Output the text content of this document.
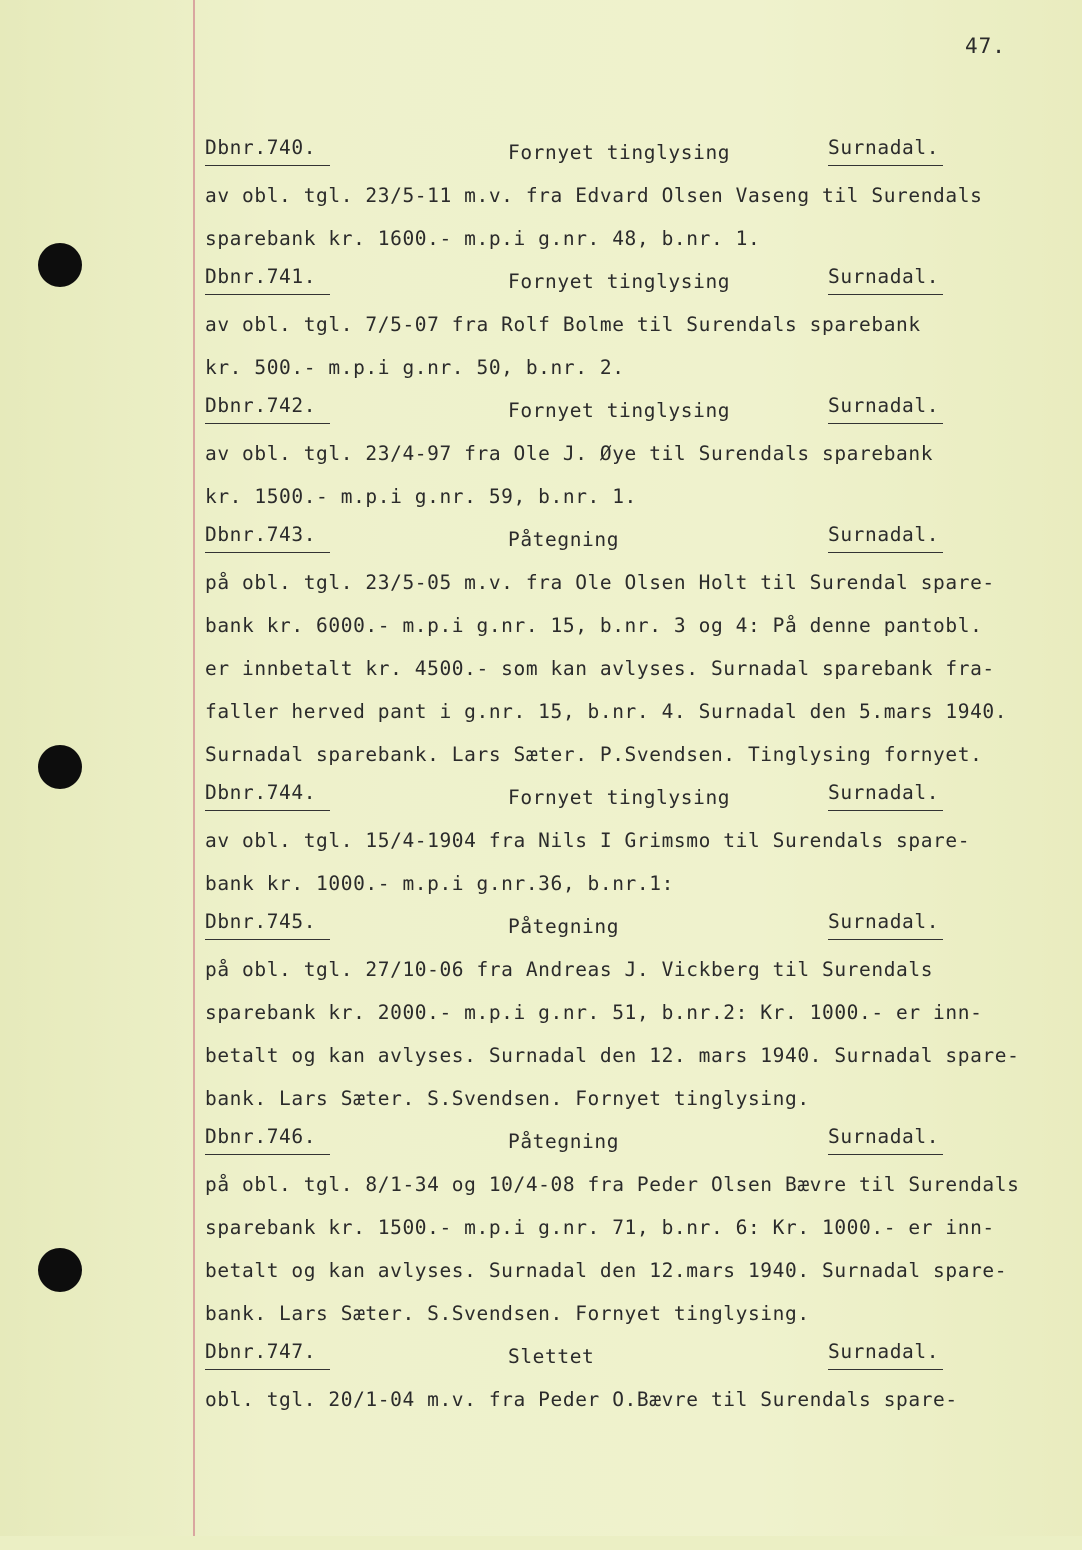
47.

Dbnr.740.

	Fornyet tinglysing

	Surnadal.

av obl. tgl. 23/5-11 m.v. fra Edvard Olsen Vaseng til Surendals
sparebank kr. 1600.- m.p.i g.nr. 48, b.nr. 1.

Dbnr.741.

	Fornyet tinglysing

	Surnadal.

av obl. tgl. 7/5-07 fra Rolf Bolme til Surendals sparebank
kr. 500.- m.p.i g.nr. 50, b.nr. 2.

Dbnr.742.

	Fornyet tinglysing

	Surnadal.

av obl. tgl. 23/4-97 fra Ole J. Øye til Surendals sparebank
kr. 1500.- m.p.i g.nr. 59, b.nr. 1.

Dbnr.743.

	Påtegning

	Surnadal.

på obl. tgl. 23/5-05 m.v. fra Ole Olsen Holt til Surendal spare-
bank kr. 6000.- m.p.i g.nr. 15, b.nr. 3 og 4: På denne pantobl.
er innbetalt kr. 4500.- som kan avlyses. Surnadal sparebank fra-
faller herved pant i g.nr. 15, b.nr. 4. Surnadal den 5.mars 1940.
Surnadal sparebank. Lars Sæter. P.Svendsen. Tinglysing fornyet.

Dbnr.744.

	Fornyet tinglysing

	Surnadal.

av obl. tgl. 15/4-1904 fra Nils I Grimsmo til Surendals spare-
bank kr. 1000.- m.p.i g.nr.36, b.nr.1:

Dbnr.745.

	Påtegning

	Surnadal.

på obl. tgl. 27/10-06 fra Andreas J. Vickberg til Surendals
sparebank kr. 2000.- m.p.i g.nr. 51, b.nr.2: Kr. 1000.- er inn-
betalt og kan avlyses. Surnadal den 12. mars 1940. Surnadal spare-
bank. Lars Sæter. S.Svendsen. Fornyet tinglysing.

Dbnr.746.

	Påtegning

	Surnadal.

på obl. tgl. 8/1-34 og 10/4-08 fra Peder Olsen Bævre til Surendals
sparebank kr. 1500.- m.p.i g.nr. 71, b.nr. 6: Kr. 1000.- er inn-
betalt og kan avlyses. Surnadal den 12.mars 1940. Surnadal spare-
bank. Lars Sæter. S.Svendsen. Fornyet tinglysing.

Dbnr.747.

	Slettet

	Surnadal.

obl. tgl. 20/1-04 m.v. fra Peder O.Bævre til Surendals spare-
